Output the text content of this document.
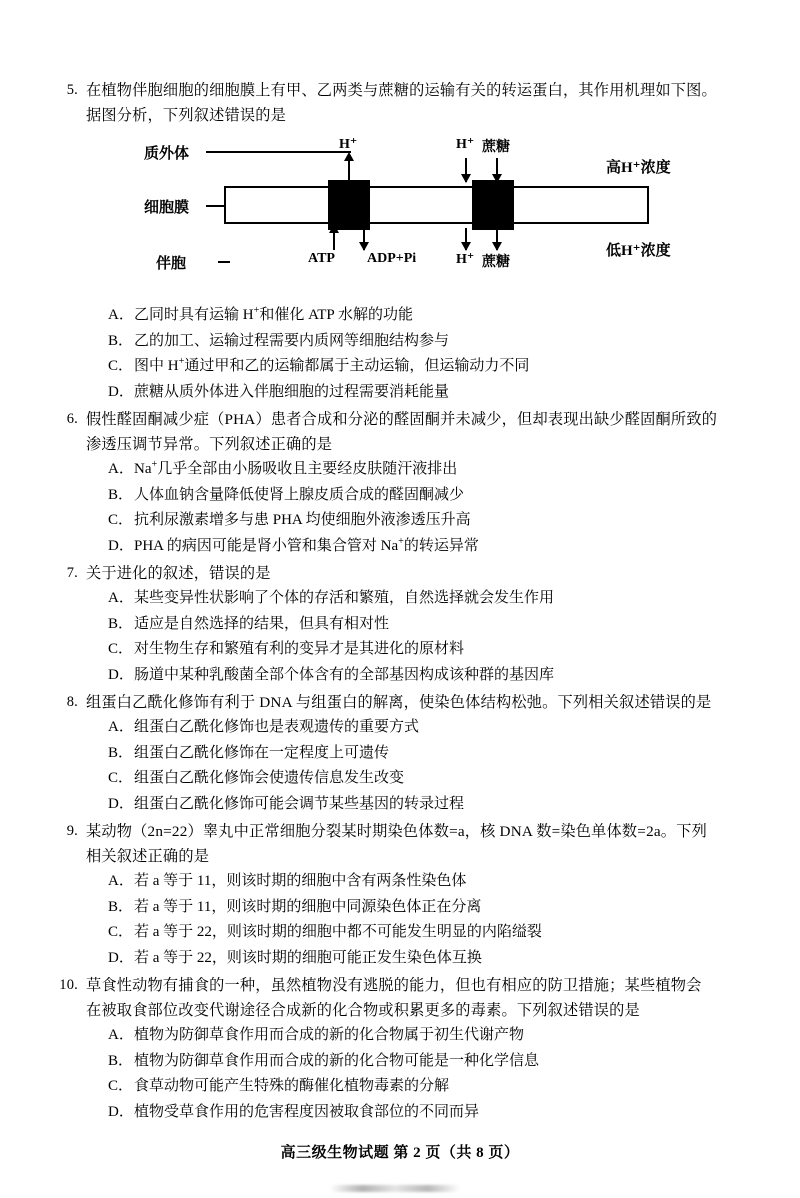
5. 在植物伴胞细胞的细胞膜上有甲、乙两类与蔗糖的运输有关的转运蛋白，其作用机理如下图。
据图分析，下列叙述错误的是
质外体
细胞膜
伴胞
高H⁺浓度
低H⁺浓度
H⁺
ATP ADP+Pi
H⁺ 蔗糖
H⁺ 蔗糖
A． 乙同时具有运输 H+和催化 ATP 水解的功能
B． 乙的加工、运输过程需要内质网等细胞结构参与
C． 图中 H+通过甲和乙的运输都属于主动运输，但运输动力不同
D． 蔗糖从质外体进入伴胞细胞的过程需要消耗能量
6. 假性醛固酮减少症（PHA）患者合成和分泌的醛固酮并未减少，但却表现出缺少醛固酮所致的
渗透压调节异常。下列叙述正确的是
A． Na+几乎全部由小肠吸收且主要经皮肤随汗液排出
B． 人体血钠含量降低使肾上腺皮质合成的醛固酮减少
C． 抗利尿激素增多与患 PHA 均使细胞外液渗透压升高
D． PHA 的病因可能是肾小管和集合管对 Na+的转运异常
7. 关于进化的叙述，错误的是
A． 某些变异性状影响了个体的存活和繁殖，自然选择就会发生作用
B． 适应是自然选择的结果，但具有相对性
C． 对生物生存和繁殖有利的变异才是其进化的原材料
D． 肠道中某种乳酸菌全部个体含有的全部基因构成该种群的基因库
8. 组蛋白乙酰化修饰有利于 DNA 与组蛋白的解离，使染色体结构松弛。下列相关叙述错误的是
A． 组蛋白乙酰化修饰也是表观遗传的重要方式
B． 组蛋白乙酰化修饰在一定程度上可遗传
C． 组蛋白乙酰化修饰会使遗传信息发生改变
D． 组蛋白乙酰化修饰可能会调节某些基因的转录过程
9. 某动物（2n=22）睾丸中正常细胞分裂某时期染色体数=a，核 DNA 数=染色单体数=2a。下列
相关叙述正确的是
A． 若 a 等于 11，则该时期的细胞中含有两条性染色体
B． 若 a 等于 11，则该时期的细胞中同源染色体正在分离
C． 若 a 等于 22，则该时期的细胞中都不可能发生明显的内陷缢裂
D． 若 a 等于 22，则该时期的细胞可能正发生染色体互换
10. 草食性动物有捕食的一种，虽然植物没有逃脱的能力，但也有相应的防卫措施；某些植物会
在被取食部位改变代谢途径合成新的化合物或积累更多的毒素。下列叙述错误的是
A． 植物为防御草食作用而合成的新的化合物属于初生代谢产物
B． 植物为防御草食作用而合成的新的化合物可能是一种化学信息
C． 食草动物可能产生特殊的酶催化植物毒素的分解
D． 植物受草食作用的危害程度因被取食部位的不同而异
高三级生物试题 第 2 页（共 8 页）
